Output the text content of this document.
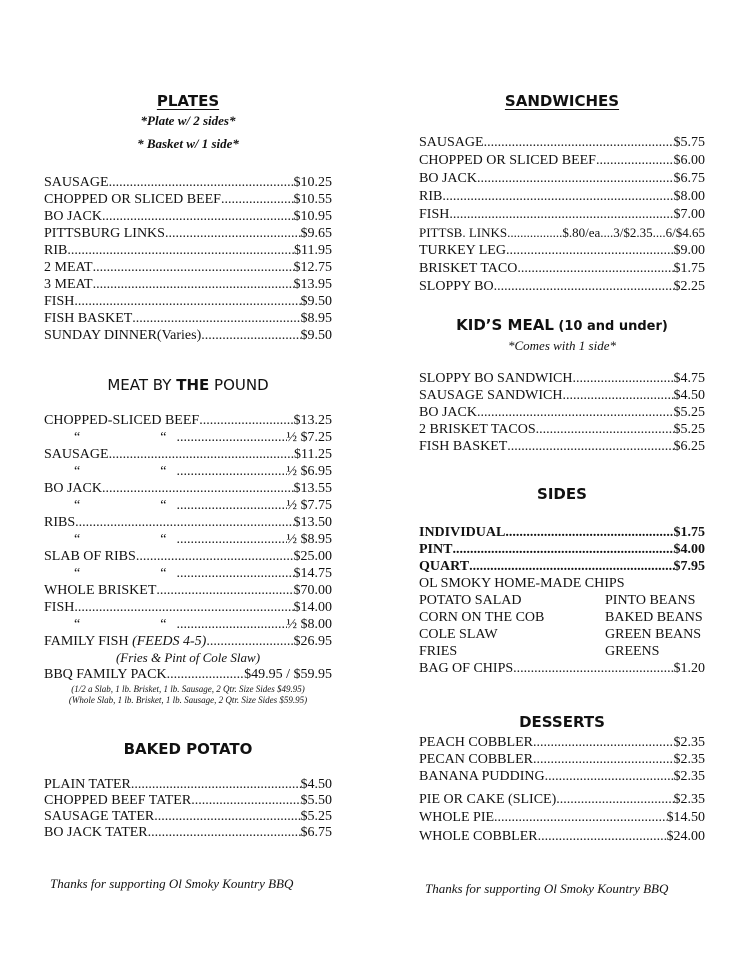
PLATES
*Plate w/ 2 sides*
* Basket w/ 1 side*
SAUSAGE .....	$10.25
CHOPPED OR SLICED BEEF .....	$10.55
BO JACK .....	$10.95
PITTSBURG LINKS .....	$9.65
RIB .....	$11.95
2 MEAT .....	$12.75
3 MEAT .....	$13.95
FISH .....	$9.50
FISH BASKET .....	$8.95
SUNDAY DINNER(Varies) .....	$9.50
MEAT BY THE POUND
CHOPPED-SLICED BEEF .....	$13.25
“	“ .....	½ $7.25
SAUSAGE .....	$11.25
“	“ .....	½ $6.95
BO JACK .....	$13.55
“	“ .....	½ $7.75
RIBS .....	$13.50
“	“ .....	½ $8.95
SLAB OF RIBS .....	$25.00
“	“ .....	$14.75
WHOLE BRISKET .....	$70.00
FISH .....	$14.00
“	“ .....	½ $8.00
FAMILY FISH (FEEDS 4-5) .....	$26.95
(Fries & Pint of Cole Slaw)
BBQ FAMILY PACK .....	$49.95 / $59.95
(1/2 a Slab, 1 lb. Brisket, 1 lb. Sausage, 2 Qtr. Size Sides $49.95)
(Whole Slab, 1 lb. Brisket, 1 lb. Sausage, 2 Qtr. Size Sides $59.95)
BAKED POTATO
PLAIN TATER .....	$4.50
CHOPPED BEEF TATER .....	$5.50
SAUSAGE TATER .....	$5.25
BO JACK TATER .....	$6.75
Thanks for supporting Ol Smoky Kountry BBQ
SANDWICHES
SAUSAGE .....	$5.75
CHOPPED OR SLICED BEEF .....	$6.00
BO JACK .....	$6.75
RIB .....	$8.00
FISH .....	$7.00
PITTSB. LINKS .....	$.80/ea....3/$2.35....6/$4.65
TURKEY LEG .....	$9.00
BRISKET TACO .....	$1.75
SLOPPY BO .....	$2.25
KID’S MEAL (10 and under)
*Comes with 1 side*
SLOPPY BO SANDWICH .....	$4.75
SAUSAGE SANDWICH .....	$4.50
BO JACK .....	$5.25
2 BRISKET TACOS .....	$5.25
FISH BASKET .....	$6.25
SIDES
INDIVIDUAL .....	$1.75
PINT .....	$4.00
QUART .....	$7.95
OL SMOKY HOME-MADE CHIPS
POTATO SALAD	PINTO BEANS
CORN ON THE COB	BAKED BEANS
COLE SLAW	GREEN BEANS
FRIES	GREENS
BAG OF CHIPS .....	$1.20
DESSERTS
PEACH COBBLER .....	$2.35
PECAN COBBLER .....	$2.35
BANANA PUDDING .....	$2.35
PIE OR CAKE (SLICE) .....	$2.35
WHOLE PIE .....	$14.50
WHOLE COBBLER .....	$24.00
Thanks for supporting Ol Smoky Kountry BBQ
